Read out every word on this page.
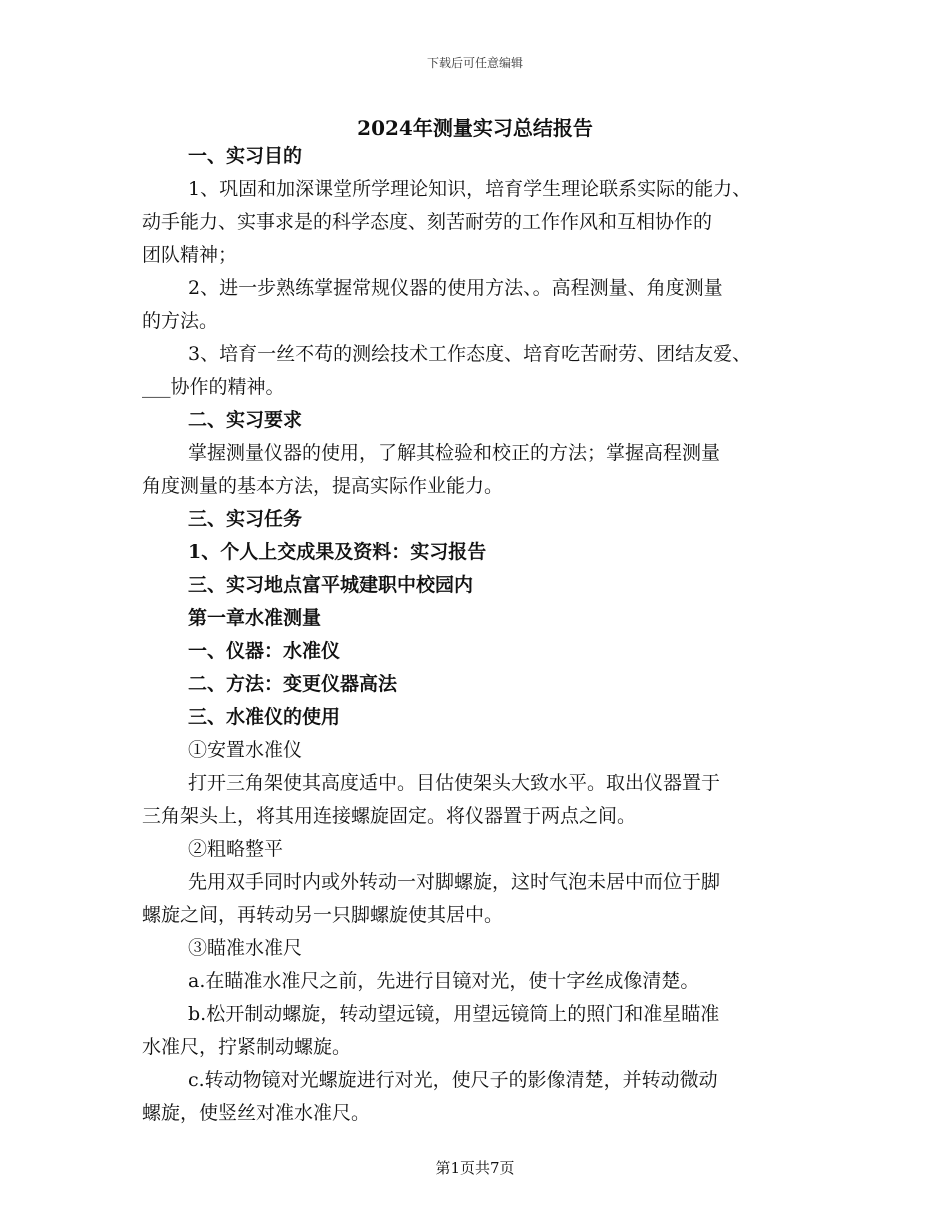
下载后可任意编辑
2024年测量实习总结报告

一、实习目的

1、巩固和加深课堂所学理论知识，培育学生理论联系实际的能力、
动手能力、实事求是的科学态度、刻苦耐劳的工作作风和互相协作的
团队精神；

2、进一步熟练掌握常规仪器的使用方法、。高程测量、角度测量
的方法。

3、培育一丝不苟的测绘技术工作态度、培育吃苦耐劳、团结友爱、
___协作的精神。

二、实习要求

掌握测量仪器的使用，了解其检验和校正的方法；掌握高程测量
角度测量的基本方法，提高实际作业能力。

三、实习任务

1、个人上交成果及资料：实习报告

三、实习地点富平城建职中校园内

第一章水准测量

一、仪器：水准仪

二、方法：变更仪器高法

三、水准仪的使用

①安置水准仪

打开三角架使其高度适中。目估使架头大致水平。取出仪器置于
三角架头上，将其用连接螺旋固定。将仪器置于两点之间。

②粗略整平

先用双手同时内或外转动一对脚螺旋，这时气泡未居中而位于脚
螺旋之间，再转动另一只脚螺旋使其居中。

③瞄准水准尺

a.在瞄准水准尺之前，先进行目镜对光，使十字丝成像清楚。

b.松开制动螺旋，转动望远镜，用望远镜筒上的照门和准星瞄准
水准尺，拧紧制动螺旋。

c.转动物镜对光螺旋进行对光，使尺子的影像清楚，并转动微动
螺旋，使竖丝对准水准尺。

第1页共7页
